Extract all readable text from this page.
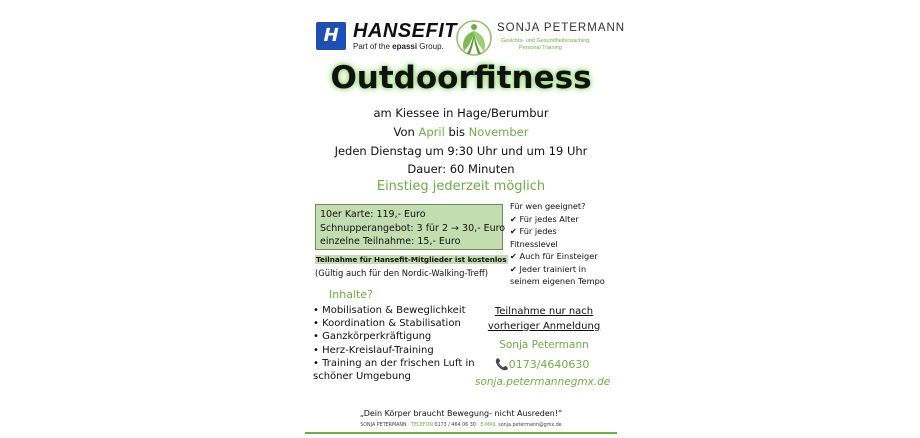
H HANSEFIT
Part of the epassi Group.
SONJA PETERMANN
Gesichts- und Gesundheitscoaching
Personal Training
Outdoorfitness
am Kiessee in Hage/Berumbur
Von April bis November
Jeden Dienstag um 9:30 Uhr und um 19 Uhr
Dauer: 60 Minuten
Einstieg jederzeit möglich
10er Karte: 119,- Euro
Schnupperangebot: 3 für 2 → 30,- Euro
einzelne Teilnahme: 15,- Euro
Für wen geeignet?
✔ Für jedes Alter
✔ Für jedes
Fitnesslevel
✔ Auch für Einsteiger
✔ Jeder trainiert in
seinem eigenen Tempo
Teilnahme für Hansefit-Mitglieder ist kostenlos
(Gültig auch für den Nordic-Walking-Treff)
Inhalte?
• Mobilisation & Beweglichkeit
• Koordination & Stabilisation
• Ganzkörperkräftigung
• Herz-Kreislauf-Training
• Training an der frischen Luft in
schöner Umgebung
Teilnahme nur nach
vorheriger Anmeldung
Sonja Petermann
📞0173/4640630
sonja.petermannegmx.de
„Dein Körper braucht Bewegung- nicht Ausreden!“
SONJA PETERMANN · TELEFON 0173 / 464 06 30 · E-MAIL sonja.petermann@gmx.de
